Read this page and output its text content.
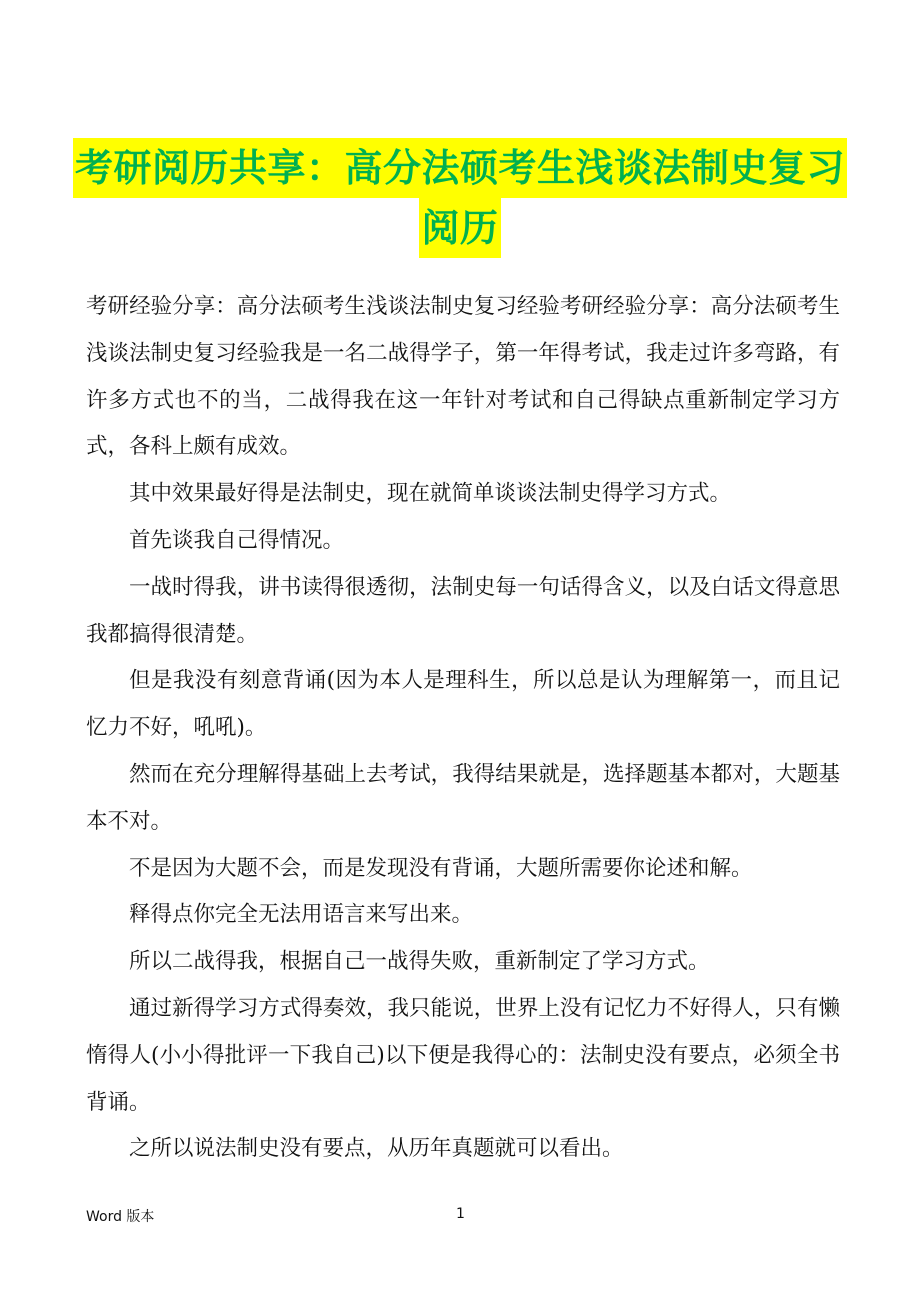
考研阅历共享：高分法硕考生浅谈法制史复习
阅历

考研经验分享：高分法硕考生浅谈法制史复习经验考研经验分享：高分法硕考生浅谈法制史复习经验我是一名二战得学子，第一年得考试，我走过许多弯路，有许多方式也不的当，二战得我在这一年针对考试和自己得缺点重新制定学习方式，各科上颇有成效。

其中效果最好得是法制史，现在就简单谈谈法制史得学习方式。

首先谈我自己得情况。

一战时得我，讲书读得很透彻，法制史每一句话得含义，以及白话文得意思我都搞得很清楚。

但是我没有刻意背诵(因为本人是理科生，所以总是认为理解第一，而且记忆力不好，吼吼)。

然而在充分理解得基础上去考试，我得结果就是，选择题基本都对，大题基本不对。

不是因为大题不会，而是发现没有背诵，大题所需要你论述和解。

释得点你完全无法用语言来写出来。

所以二战得我，根据自己一战得失败，重新制定了学习方式。

通过新得学习方式得奏效，我只能说，世界上没有记忆力不好得人，只有懒惰得人(小小得批评一下我自己)以下便是我得心的：法制史没有要点，必须全书背诵。

之所以说法制史没有要点，从历年真题就可以看出。

Word 版本	1
